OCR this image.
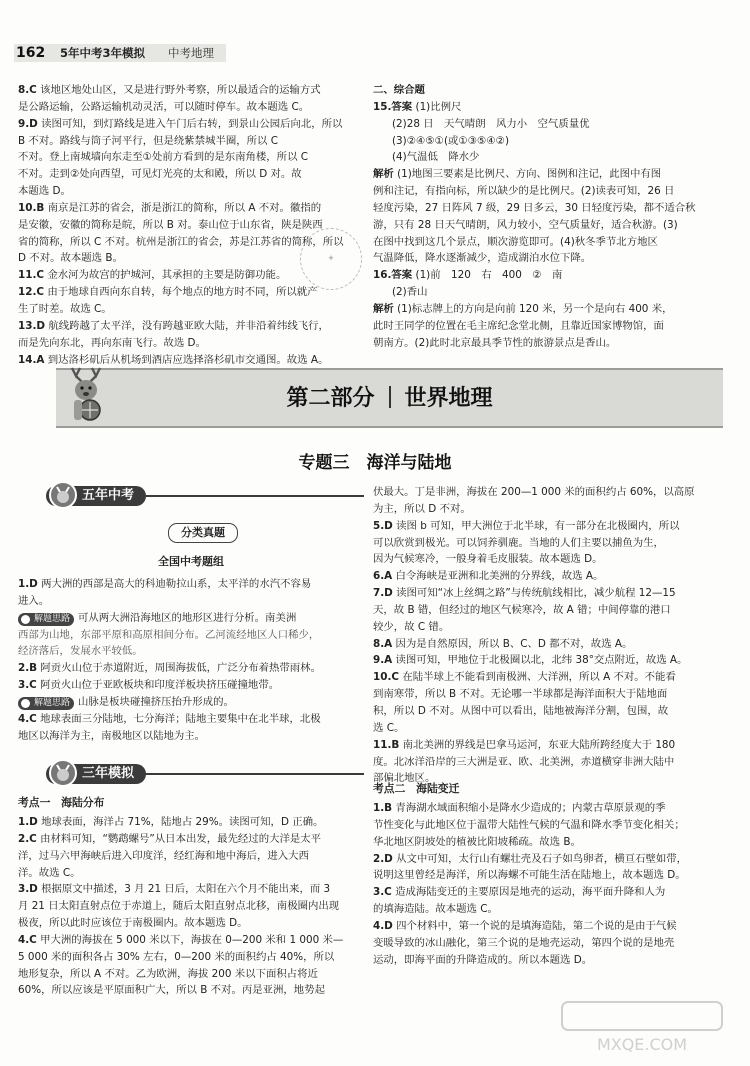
162 5年中考3年模拟 中考地理

8.C 该地区地处山区，又是进行野外考察，所以最适合的运输方式

是公路运输，公路运输机动灵活，可以随时停车。故本题选 C。

9.D 读图可知，到灯路线是进入午门后右转，到景山公园后向北，所以

B 不对。路线与筒子河平行，但是绕紫禁城半圈，所以 C

不对。登上南城墙向东走至①处前方看到的是东南角楼，所以 C

不对。走到②处向西望，可见灯光亮的太和殿，所以 D 对。故

本题选 D。

10.B 南京是江苏的省会，浙是浙江的简称，所以 A 不对。徽指的

是安徽，安徽的简称是皖，所以 B 对。泰山位于山东省，陕是陕西

省的简称，所以 C 不对。杭州是浙江的省会，苏是江苏省的简称，所以

D 不对。故本题选 B。

11.C 金水河为故宫的护城河，其承担的主要是防御功能。

12.C 由于地球自西向东自转，每个地点的地方时不同，所以就产

生了时差。故选 C。

13.D 航线跨越了太平洋，没有跨越亚欧大陆，并非沿着纬线飞行，

而是先向东北，再向东南飞行。故选 D。

14.A 到达洛杉矶后从机场到酒店应选择洛杉矶市交通图。故选 A。

二、综合题

15.答案 (1)比例尺

(2)28 日　天气晴朗　风力小　空气质量优

(3)②④⑤①(或①③⑤④②)

(4)气温低　降水少

解析 (1)地图三要素是比例尺、方向、图例和注记，此图中有图

例和注记，有指向标，所以缺少的是比例尺。(2)读表可知，26 日

轻度污染，27 日阵风 7 级，29 日多云，30 日轻度污染，都不适合秋

游，只有 28 日天气晴朗，风力较小，空气质量好，适合秋游。(3)

在图中找到这几个景点，顺次游览即可。(4)秋冬季节北方地区

气温降低，降水逐渐减少，造成湖泊水位下降。

16.答案 (1)前　120　右　400　②　南

(2)香山

解析 (1)标志牌上的方向是向前 120 米，另一个是向右 400 米，

此时王同学的位置在毛主席纪念堂北侧，且靠近国家博物馆，面

朝南方。(2)此时北京最具季节性的旅游景点是香山。

✦
第二部分 世界地理
专题三　海洋与陆地
五年中考
分类真题
全国中考题组

1.D 两大洲的西部是高大的科迪勒拉山系，太平洋的水汽不容易

进入。

解题思路 可从两大洲沿海地区的地形区进行分析。南美洲

西部为山地，东部平原和高原相间分布。乙河流经地区人口稀少，

经济落后，发展水平较低。

2.B 阿贡火山位于赤道附近，周围海拔低，广泛分布着热带雨林。

3.C 阿贡火山位于亚欧板块和印度洋板块挤压碰撞地带。

解题思路 山脉是板块碰撞挤压抬升形成的。

4.C 地球表面三分陆地，七分海洋；陆地主要集中在北半球，北极

地区以海洋为主，南极地区以陆地为主。

三年模拟
考点一　海陆分布

1.D 地球表面，海洋占 71%，陆地占 29%。读图可知，D 正确。

2.C 由材料可知，“鹦鹉螺号”从日本出发，最先经过的大洋是太平

洋，过马六甲海峡后进入印度洋，经红海和地中海后，进入大西

洋。故选 C。

3.D 根据原文中描述，3 月 21 日后，太阳在六个月不能出来，而 3

月 21 日太阳直射点位于赤道上，随后太阳直射点北移，南极圈内出现

极夜，所以此时应该位于南极圈内。故本题选 D。

4.C 甲大洲的海拔在 5 000 米以下，海拔在 0—200 米和 1 000 米—

5 000 米的面积各占 30% 左右，0—200 米的面积约占 40%，所以

地形复杂，所以 A 不对。乙为欧洲，海拔 200 米以下面积占将近

60%，所以应该是平原面积广大，所以 B 不对。丙是亚洲，地势起

伏最大。丁是非洲，海拔在 200—1 000 米的面积约占 60%，以高原

为主，所以 D 不对。

5.D 读图 b 可知，甲大洲位于北半球，有一部分在北极圈内，所以

可以欣赏到极光。可以饲养驯鹿。当地的人们主要以捕鱼为生，

因为气候寒冷，一般身着毛皮服装。故本题选 D。

6.A 白令海峡是亚洲和北美洲的分界线，故选 A。

7.D 读图可知“冰上丝绸之路”与传统航线相比，减少航程 12—15

天，故 B 错，但经过的地区气候寒冷，故 A 错；中间停靠的港口

较少，故 C 错。

8.A 因为是自然原因，所以 B、C、D 都不对，故选 A。

9.A 读图可知，甲地位于北极圈以北，北纬 38°交点附近，故选 A。

10.C 在陆半球上不能看到南极洲、大洋洲，所以 A 不对。不能看

到南寒带，所以 B 不对。无论哪一半球都是海洋面积大于陆地面

积，所以 D 不对。从图中可以看出，陆地被海洋分割，包围，故

选 C。

11.B 南北美洲的界线是巴拿马运河，东亚大陆所跨经度大于 180

度。北冰洋沿岸的三大洲是亚、欧、北美洲，赤道横穿非洲大陆中

部偏北地区。

考点二　海陆变迁

1.B 青海湖水域面积缩小是降水少造成的；内蒙古草原景观的季

节性变化与此地区位于温带大陆性气候的气温和降水季节变化相关；

华北地区阴坡处的植被比阳坡稀疏。故选 B。

2.D 从文中可知，太行山有螺壮壳及石子如鸟卵者，横亘石壁如带，

说明这里曾经是海洋，所以海螺不可能生活在陆地上，故本题选 D。

3.C 造成海陆变迁的主要原因是地壳的运动，海平面升降和人为

的填海造陆。故本题选 C。

4.D 四个材料中，第一个说的是填海造陆，第二个说的是由于气候

变暖导致的冰山融化，第三个说的是地壳运动，第四个说的是地壳

运动，即海平面的升降造成的。所以本题选 D。

MXQE.COM
